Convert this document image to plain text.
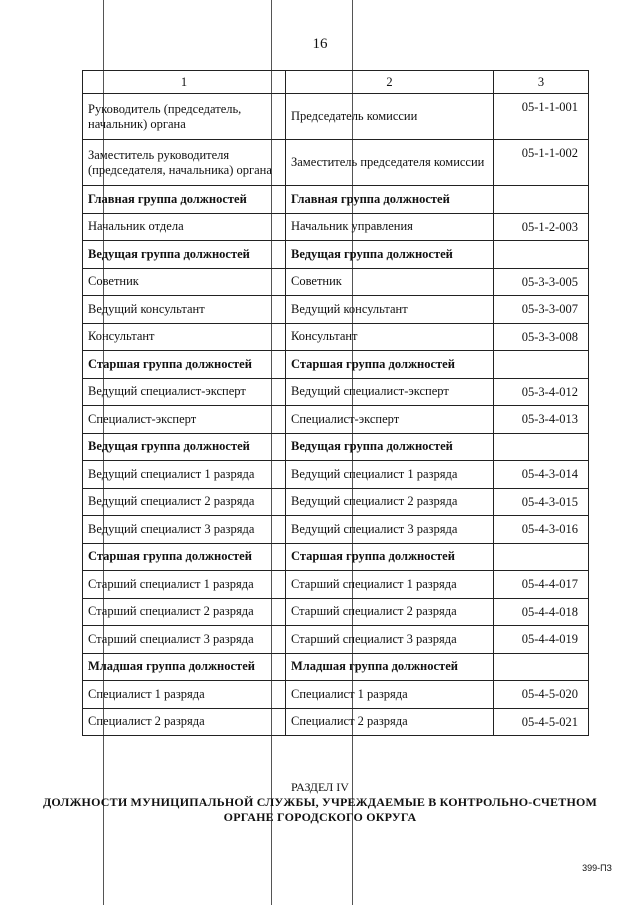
16
1	2	3
Руководитель (председатель, начальник) органа	Председатель комиссии	05-1-1-001
Заместитель руководителя (председателя, начальника) органа	Заместитель председателя комиссии	05-1-1-002
Главная группа должностей	Главная группа должностей	
Начальник отдела	Начальник управления	05-1-2-003
Ведущая группа должностей	Ведущая группа должностей	
Советник	Советник	05-3-3-005
Ведущий консультант	Ведущий консультант	05-3-3-007
Консультант	Консультант	05-3-3-008
Старшая группа должностей	Старшая группа должностей	
Ведущий специалист-эксперт	Ведущий специалист-эксперт	05-3-4-012
Специалист-эксперт	Специалист-эксперт	05-3-4-013
Ведущая группа должностей	Ведущая группа должностей	
Ведущий специалист 1 разряда	Ведущий специалист 1 разряда	05-4-3-014
Ведущий специалист 2 разряда	Ведущий специалист 2 разряда	05-4-3-015
Ведущий специалист 3 разряда	Ведущий специалист 3 разряда	05-4-3-016
Старшая группа должностей	Старшая группа должностей	
Старший специалист 1 разряда	Старший специалист 1 разряда	05-4-4-017
Старший специалист 2 разряда	Старший специалист 2 разряда	05-4-4-018
Старший специалист 3 разряда	Старший специалист 3 разряда	05-4-4-019
Младшая группа должностей	Младшая группа должностей	
Специалист 1 разряда	Специалист 1 разряда	05-4-5-020
Специалист 2 разряда	Специалист 2 разряда	05-4-5-021
РАЗДЕЛ IV
ДОЛЖНОСТИ МУНИЦИПАЛЬНОЙ СЛУЖБЫ, УЧРЕЖДАЕМЫЕ В КОНТРОЛЬНО-СЧЕТНОМ ОРГАНЕ ГОРОДСКОГО ОКРУГА
399-ПЗ
